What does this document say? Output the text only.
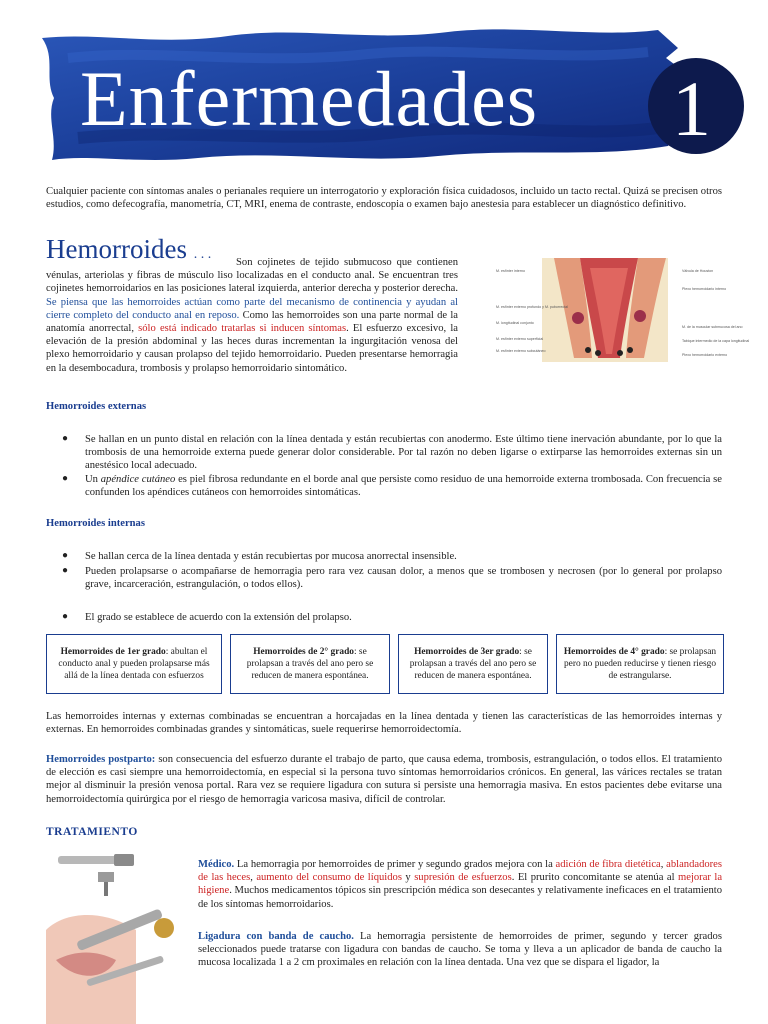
Enfermedades 1
Cualquier paciente con síntomas anales o perianales requiere un interrogatorio y exploración física cuidadosos, incluido un tacto rectal. Quizá se precisen otros estudios, como defecografía, manometría, CT, MRI, enema de contraste, endoscopia o examen bajo anestesia para establecer un diagnóstico definitivo.
Hemorroides . . .
Son cojinetes de tejido submucoso que contienen vénulas, arteriolas y fibras de músculo liso localizadas en el conducto anal. Se encuentran tres cojinetes hemorroidarios en las posiciones lateral izquierda, anterior derecha y posterior derecha. Se piensa que las hemorroides actúan como parte del mecanismo de continencia y ayudan al cierre completo del conducto anal en reposo. Como las hemorroides son una parte normal de la anatomía anorrectal, sólo está indicado tratarlas si inducen síntomas. El esfuerzo excesivo, la elevación de la presión abdominal y las heces duras incrementan la ingurgitación venosa del plexo hemorroidario y causan prolapso del tejido hemorroidario. Pueden presentarse hemorragia en la desembocadura, trombosis y prolapso hemorroidario sintomático.
M. esfínter interno
M. esfínter externo profundo y M. puborrectal
M. longitudinal conjunto
M. esfínter externo superficial
M. esfínter externo subcutáneo
Válvula de Houston
Plexo hemorroidario interno
M. de la muscular submucosa del ano
Tabique intermedio de la capa longitudinal
Plexo hemorroidario externo
Hemorroides externas
● Se hallan en un punto distal en relación con la línea dentada y están recubiertas con anodermo. Este último tiene inervación abundante, por lo que la trombosis de una hemorroide externa puede generar dolor considerable. Por tal razón no deben ligarse o extirparse las hemorroides externas sin un anestésico local adecuado.
● Un apéndice cutáneo es piel fibrosa redundante en el borde anal que persiste como residuo de una hemorroide externa trombosada. Con frecuencia se confunden los apéndices cutáneos con hemorroides sintomáticas.
Hemorroides internas
● Se hallan cerca de la línea dentada y están recubiertas por mucosa anorrectal insensible.
● Pueden prolapsarse o acompañarse de hemorragia pero rara vez causan dolor, a menos que se trombosen y necrosen (por lo general por prolapso grave, incarceración, estrangulación, o todos ellos).
● El grado se establece de acuerdo con la extensión del prolapso.
Hemorroides de 1er grado: abultan el conducto anal y pueden prolapsarse más allá de la línea dentada con esfuerzos
Hemorroides de 2° grado: se prolapsan a través del ano pero se reducen de manera espontánea.
Hemorroides de 3er grado: se prolapsan a través del ano pero se reducen de manera espontánea.
Hemorroides de 4° grado: se prolapsan pero no pueden reducirse y tienen riesgo de estrangularse.
Las hemorroides internas y externas combinadas se encuentran a horcajadas en la línea dentada y tienen las características de las hemorroides internas y externas. En hemorroides combinadas grandes y sintomáticas, suele requerirse hemorroidectomía.
Hemorroides postparto: son consecuencia del esfuerzo durante el trabajo de parto, que causa edema, trombosis, estrangulación, o todos ellos. El tratamiento de elección es casi siempre una hemorroidectomía, en especial si la persona tuvo síntomas hemorroidarios crónicos. En general, las várices rectales se tratan mejor al disminuir la presión venosa portal. Rara vez se requiere ligadura con sutura si persiste una hemorragia masiva. En estos pacientes debe evitarse una hemorroidectomía quirúrgica por el riesgo de hemorragia varicosa masiva, difícil de controlar.
TRATAMIENTO
Médico. La hemorragia por hemorroides de primer y segundo grados mejora con la adición de fibra dietética, ablandadores de las heces, aumento del consumo de líquidos y supresión de esfuerzos. El prurito concomitante se atenúa al mejorar la higiene. Muchos medicamentos tópicos sin prescripción médica son desecantes y relativamente ineficaces en el tratamiento de los síntomas hemorroidarios.
Ligadura con banda de caucho. La hemorragia persistente de hemorroides de primer, segundo y tercer grados seleccionados puede tratarse con ligadura con bandas de caucho. Se toma y lleva a un aplicador de banda de caucho la mucosa localizada 1 a 2 cm proximales en relación con la línea dentada. Una vez que se dispara el ligador, la
